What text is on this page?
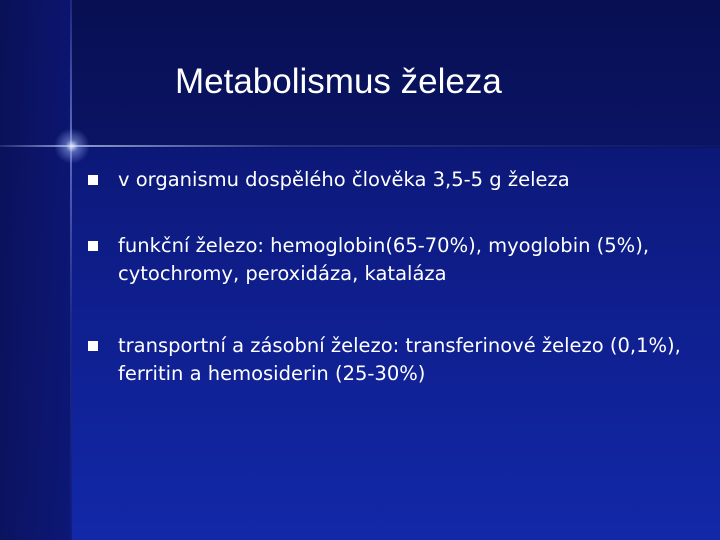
Metabolismus železa

v organismu dospělého člověka 3,5-5 g železa

funkční železo: hemoglobin(65-70%), myoglobin (5%), cytochromy, peroxidáza, kataláza

transportní a zásobní železo: transferinové železo (0,1%), ferritin a hemosiderin (25-30%)
